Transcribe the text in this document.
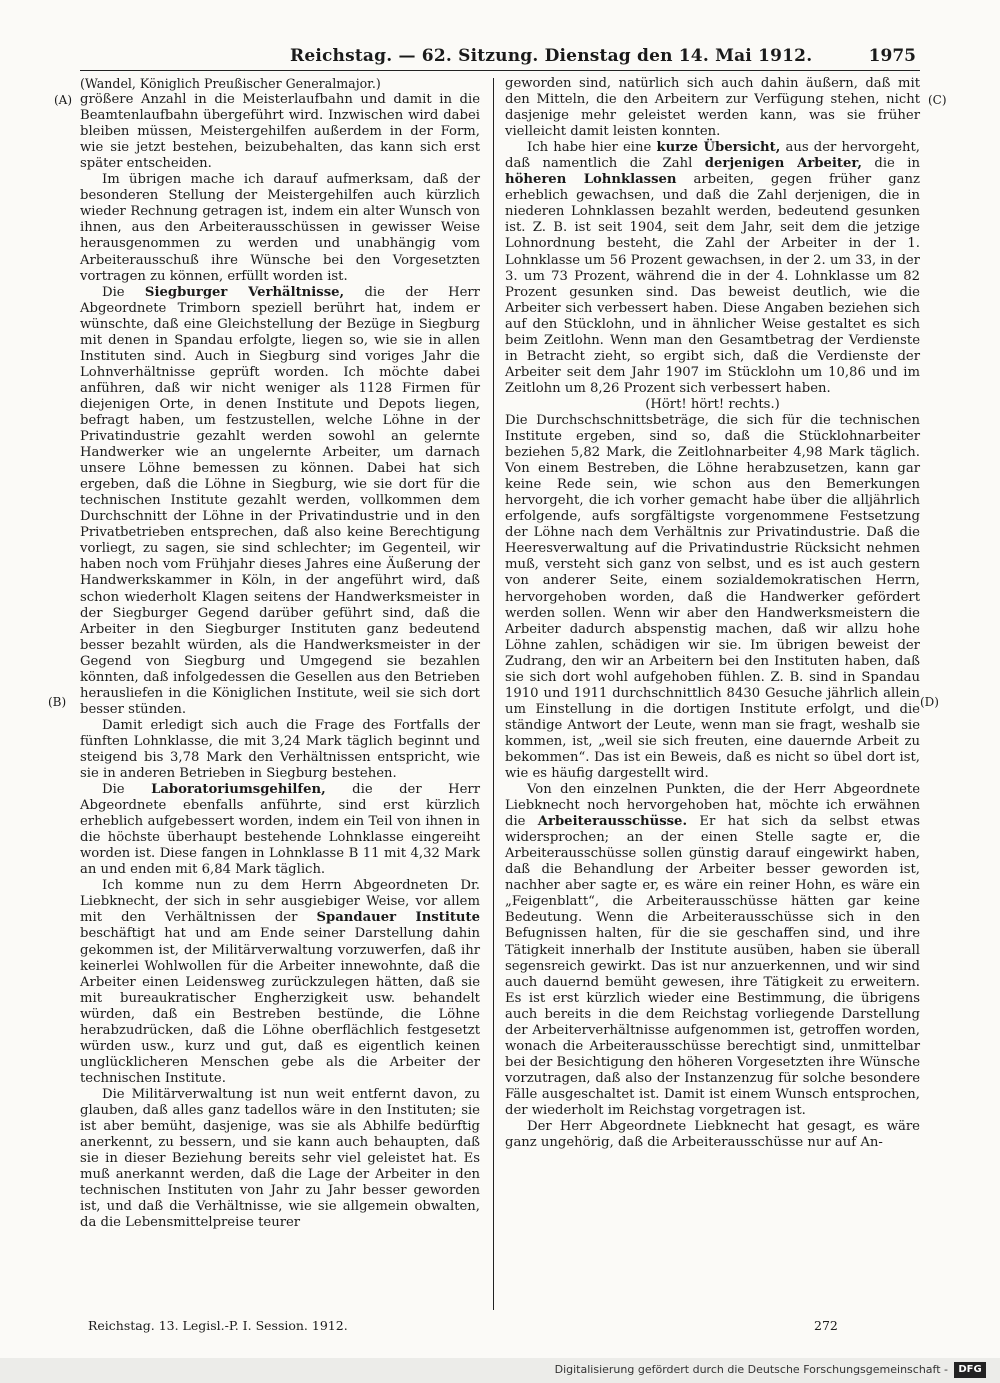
Reichstag. — 62. Sitzung. Dienstag den 14. Mai 1912.	1975
(A)
(B)
(C)
(D)

(Wandel, Königlich Preußischer Generalmajor.)

größere Anzahl in die Meisterlaufbahn und damit in die Beamtenlaufbahn übergeführt wird. Inzwischen wird dabei bleiben müssen, Meistergehilfen außerdem in der Form, wie sie jetzt bestehen, beizubehalten, das kann sich erst später entscheiden.

Im übrigen mache ich darauf aufmerksam, daß der besonderen Stellung der Meistergehilfen auch kürzlich wieder Rechnung getragen ist, indem ein alter Wunsch von ihnen, aus den Arbeiterausschüssen in gewisser Weise herausgenommen zu werden und unabhängig vom Arbeiterausschuß ihre Wünsche bei den Vorgesetzten vortragen zu können, erfüllt worden ist.

Die Siegburger Verhältnisse, die der Herr Abgeordnete Trimborn speziell berührt hat, indem er wünschte, daß eine Gleichstellung der Bezüge in Siegburg mit denen in Spandau erfolgte, liegen so, wie sie in allen Instituten sind. Auch in Siegburg sind voriges Jahr die Lohnverhältnisse geprüft worden. Ich möchte dabei anführen, daß wir nicht weniger als 1128 Firmen für diejenigen Orte, in denen Institute und Depots liegen, befragt haben, um festzustellen, welche Löhne in der Privatindustrie gezahlt werden sowohl an gelernte Handwerker wie an ungelernte Arbeiter, um darnach unsere Löhne bemessen zu können. Dabei hat sich ergeben, daß die Löhne in Siegburg, wie sie dort für die technischen Institute gezahlt werden, vollkommen dem Durchschnitt der Löhne in der Privatindustrie und in den Privatbetrieben entsprechen, daß also keine Berechtigung vorliegt, zu sagen, sie sind schlechter; im Gegenteil, wir haben noch vom Frühjahr dieses Jahres eine Äußerung der Handwerkskammer in Köln, in der angeführt wird, daß schon wiederholt Klagen seitens der Handwerksmeister in der Siegburger Gegend darüber geführt sind, daß die Arbeiter in den Siegburger Instituten ganz bedeutend besser bezahlt würden, als die Handwerksmeister in der Gegend von Siegburg und Umgegend sie bezahlen könnten, daß infolgedessen die Gesellen aus den Betrieben herausliefen in die Königlichen Institute, weil sie sich dort besser stünden.

Damit erledigt sich auch die Frage des Fortfalls der fünften Lohnklasse, die mit 3,24 Mark täglich beginnt und steigend bis 3,78 Mark den Verhältnissen entspricht, wie sie in anderen Betrieben in Siegburg bestehen.

Die Laboratoriumsgehilfen, die der Herr Abgeordnete ebenfalls anführte, sind erst kürzlich erheblich aufgebessert worden, indem ein Teil von ihnen in die höchste überhaupt bestehende Lohnklasse eingereiht worden ist. Diese fangen in Lohnklasse B 11 mit 4,32 Mark an und enden mit 6,84 Mark täglich.

Ich komme nun zu dem Herrn Abgeordneten Dr. Liebknecht, der sich in sehr ausgiebiger Weise, vor allem mit den Verhältnissen der Spandauer Institute beschäftigt hat und am Ende seiner Darstellung dahin gekommen ist, der Militärverwaltung vorzuwerfen, daß ihr keinerlei Wohlwollen für die Arbeiter innewohnte, daß die Arbeiter einen Leidensweg zurückzulegen hätten, daß sie mit bureaukratischer Engherzigkeit usw. behandelt würden, daß ein Bestreben bestünde, die Löhne herabzudrücken, daß die Löhne oberflächlich festgesetzt würden usw., kurz und gut, daß es eigentlich keinen unglücklicheren Menschen gebe als die Arbeiter der technischen Institute.

Die Militärverwaltung ist nun weit entfernt davon, zu glauben, daß alles ganz tadellos wäre in den Instituten; sie ist aber bemüht, dasjenige, was sie als Abhilfe bedürftig anerkennt, zu bessern, und sie kann auch behaupten, daß sie in dieser Beziehung bereits sehr viel geleistet hat. Es muß anerkannt werden, daß die Lage der Arbeiter in den technischen Instituten von Jahr zu Jahr besser geworden ist, und daß die Verhältnisse, wie sie allgemein obwalten, da die Lebensmittelpreise teurer

geworden sind, natürlich sich auch dahin äußern, daß mit den Mitteln, die den Arbeitern zur Verfügung stehen, nicht dasjenige mehr geleistet werden kann, was sie früher vielleicht damit leisten konnten.

Ich habe hier eine kurze Übersicht, aus der hervorgeht, daß namentlich die Zahl derjenigen Arbeiter, die in höheren Lohnklassen arbeiten, gegen früher ganz erheblich gewachsen, und daß die Zahl derjenigen, die in niederen Lohnklassen bezahlt werden, bedeutend gesunken ist. Z. B. ist seit 1904, seit dem Jahr, seit dem die jetzige Lohnordnung besteht, die Zahl der Arbeiter in der 1. Lohnklasse um 56 Prozent gewachsen, in der 2. um 33, in der 3. um 73 Prozent, während die in der 4. Lohnklasse um 82 Prozent gesunken sind. Das beweist deutlich, wie die Arbeiter sich verbessert haben. Diese Angaben beziehen sich auf den Stücklohn, und in ähnlicher Weise gestaltet es sich beim Zeitlohn. Wenn man den Gesamtbetrag der Verdienste in Betracht zieht, so ergibt sich, daß die Verdienste der Arbeiter seit dem Jahr 1907 im Stücklohn um 10,86 und im Zeitlohn um 8,26 Prozent sich verbessert haben.

(Hört! hört! rechts.)

Die Durchschschnittsbeträge, die sich für die technischen Institute ergeben, sind so, daß die Stücklohnarbeiter beziehen 5,82 Mark, die Zeitlohnarbeiter 4,98 Mark täglich. Von einem Bestreben, die Löhne herabzusetzen, kann gar keine Rede sein, wie schon aus den Bemerkungen hervorgeht, die ich vorher gemacht habe über die alljährlich erfolgende, aufs sorgfältigste vorgenommene Festsetzung der Löhne nach dem Verhältnis zur Privatindustrie. Daß die Heeresverwaltung auf die Privatindustrie Rücksicht nehmen muß, versteht sich ganz von selbst, und es ist auch gestern von anderer Seite, einem sozialdemokratischen Herrn, hervorgehoben worden, daß die Handwerker gefördert werden sollen. Wenn wir aber den Handwerksmeistern die Arbeiter dadurch abspenstig machen, daß wir allzu hohe Löhne zahlen, schädigen wir sie. Im übrigen beweist der Zudrang, den wir an Arbeitern bei den Instituten haben, daß sie sich dort wohl aufgehoben fühlen. Z. B. sind in Spandau 1910 und 1911 durchschnittlich 8430 Gesuche jährlich allein um Einstellung in die dortigen Institute erfolgt, und die ständige Antwort der Leute, wenn man sie fragt, weshalb sie kommen, ist, „weil sie sich freuten, eine dauernde Arbeit zu bekommen“. Das ist ein Beweis, daß es nicht so übel dort ist, wie es häufig dargestellt wird.

Von den einzelnen Punkten, die der Herr Abgeordnete Liebknecht noch hervorgehoben hat, möchte ich erwähnen die Arbeiterausschüsse. Er hat sich da selbst etwas widersprochen; an der einen Stelle sagte er, die Arbeiterausschüsse sollen günstig darauf eingewirkt haben, daß die Behandlung der Arbeiter besser geworden ist, nachher aber sagte er, es wäre ein reiner Hohn, es wäre ein „Feigenblatt“, die Arbeiterausschüsse hätten gar keine Bedeutung. Wenn die Arbeiterausschüsse sich in den Befugnissen halten, für die sie geschaffen sind, und ihre Tätigkeit innerhalb der Institute ausüben, haben sie überall segensreich gewirkt. Das ist nur anzuerkennen, und wir sind auch dauernd bemüht gewesen, ihre Tätigkeit zu erweitern. Es ist erst kürzlich wieder eine Bestimmung, die übrigens auch bereits in die dem Reichstag vorliegende Darstellung der Arbeiterverhältnisse aufgenommen ist, getroffen worden, wonach die Arbeiterausschüsse berechtigt sind, unmittelbar bei der Besichtigung den höheren Vorgesetzten ihre Wünsche vorzutragen, daß also der Instanzenzug für solche besondere Fälle ausgeschaltet ist. Damit ist einem Wunsch entsprochen, der wiederholt im Reichstag vorgetragen ist.

Der Herr Abgeordnete Liebknecht hat gesagt, es wäre ganz ungehörig, daß die Arbeiterausschüsse nur auf An-

Reichstag. 13. Legisl.-P. I. Session. 1912.	272
Digitalisierung gefördert durch die Deutsche Forschungsgemeinschaft -	DFG
